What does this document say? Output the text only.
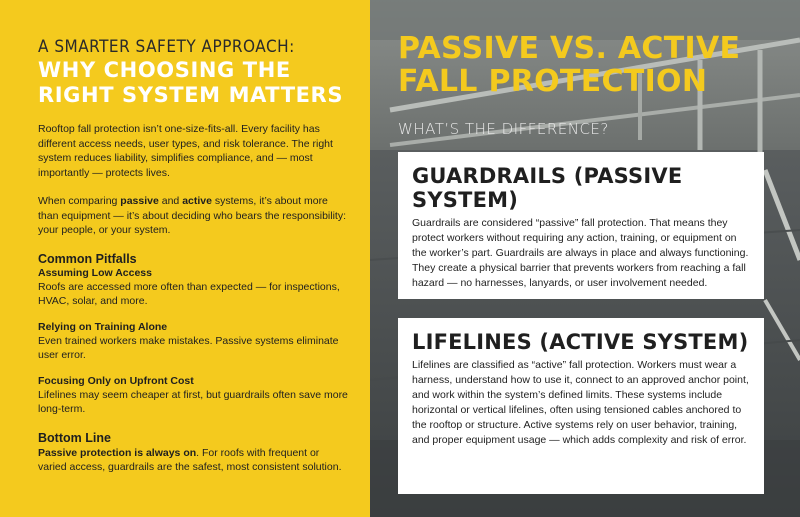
A SMARTER SAFETY APPROACH:
WHY CHOOSING THE
RIGHT SYSTEM MATTERS

Rooftop fall protection isn’t one-size-fits-all. Every facility has different access needs, user types, and risk tolerance. The right system reduces liability, simplifies compliance, and — most importantly — protects lives.

When comparing passive and active systems, it’s about more than equipment — it’s about deciding who bears the responsibility: your people, or your system.

Common Pitfalls
Assuming Low Access
Roofs are accessed more often than expected — for inspections, HVAC, solar, and more.
Relying on Training Alone
Even trained workers make mistakes. Passive systems eliminate user error.
Focusing Only on Upfront Cost
Lifelines may seem cheaper at first, but guardrails often save more long-term.
Bottom Line
Passive protection is always on. For roofs with frequent or varied access, guardrails are the safest, most consistent solution.
PASSIVE VS. ACTIVE
FALL PROTECTION
WHAT’S THE DIFFERENCE?
GUARDRAILS (PASSIVE SYSTEM)
Guardrails are considered “passive” fall protection. That means they protect workers without requiring any action, training, or equipment on the worker’s part. Guardrails are always in place and always functioning. They create a physical barrier that prevents workers from reaching a fall hazard — no harnesses, lanyards, or user involvement needed.
LIFELINES (ACTIVE SYSTEM)
Lifelines are classified as “active” fall protection. Workers must wear a harness, understand how to use it, connect to an approved anchor point, and work within the system’s defined limits. These systems include horizontal or vertical lifelines, often using tensioned cables anchored to the rooftop or structure. Active systems rely on user behavior, training, and proper equipment usage — which adds complexity and risk of error.
